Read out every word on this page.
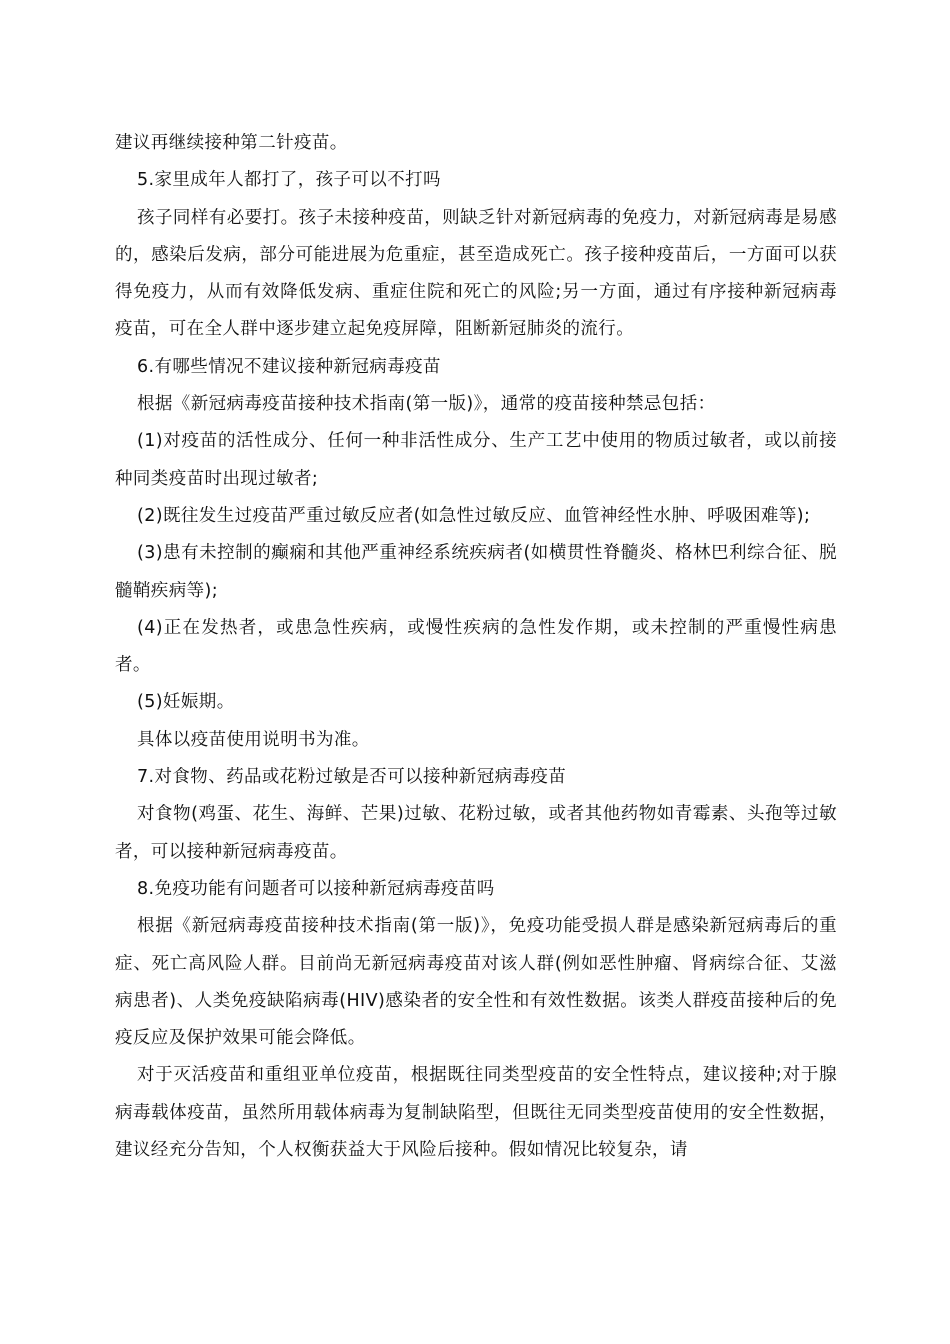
建议再继续接种第二针疫苗。

5.家里成年人都打了，孩子可以不打吗

孩子同样有必要打。孩子未接种疫苗，则缺乏针对新冠病毒的免疫力，对新冠病毒是易感的，感染后发病，部分可能进展为危重症，甚至造成死亡。孩子接种疫苗后，一方面可以获得免疫力，从而有效降低发病、重症住院和死亡的风险;另一方面，通过有序接种新冠病毒疫苗，可在全人群中逐步建立起免疫屏障，阻断新冠肺炎的流行。

6.有哪些情况不建议接种新冠病毒疫苗

根据《新冠病毒疫苗接种技术指南(第一版)》，通常的疫苗接种禁忌包括：

(1)对疫苗的活性成分、任何一种非活性成分、生产工艺中使用的物质过敏者，或以前接种同类疫苗时出现过敏者;

(2)既往发生过疫苗严重过敏反应者(如急性过敏反应、血管神经性水肿、呼吸困难等);

(3)患有未控制的癫痫和其他严重神经系统疾病者(如横贯性脊髓炎、格林巴利综合征、脱髓鞘疾病等);

(4)正在发热者，或患急性疾病，或慢性疾病的急性发作期，或未控制的严重慢性病患者。

(5)妊娠期。

具体以疫苗使用说明书为准。

7.对食物、药品或花粉过敏是否可以接种新冠病毒疫苗

对食物(鸡蛋、花生、海鲜、芒果)过敏、花粉过敏，或者其他药物如青霉素、头孢等过敏者，可以接种新冠病毒疫苗。

8.免疫功能有问题者可以接种新冠病毒疫苗吗

根据《新冠病毒疫苗接种技术指南(第一版)》，免疫功能受损人群是感染新冠病毒后的重症、死亡高风险人群。目前尚无新冠病毒疫苗对该人群(例如恶性肿瘤、肾病综合征、艾滋病患者)、人类免疫缺陷病毒(HIV)感染者的安全性和有效性数据。该类人群疫苗接种后的免疫反应及保护效果可能会降低。

对于灭活疫苗和重组亚单位疫苗，根据既往同类型疫苗的安全性特点，建议接种;对于腺病毒载体疫苗，虽然所用载体病毒为复制缺陷型，但既往无同类型疫苗使用的安全性数据，建议经充分告知，个人权衡获益大于风险后接种。假如情况比较复杂，请
